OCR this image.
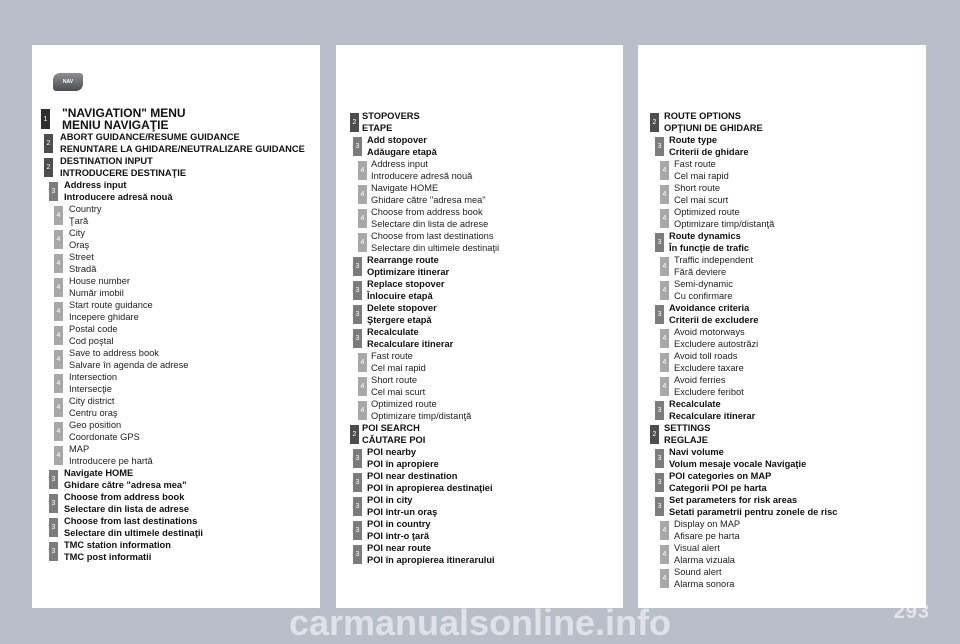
NAV
1 "NAVIGATION" MENU
MENIU NAVIGAŢIE
2
ABORT GUIDANCE/RESUME GUIDANCE
RENUNTARE LA GHIDARE/NEUTRALIZARE GUIDANCE
2
DESTINATION INPUT
INTRODUCERE DESTINAŢIE
3
Address input
Introducere adresă nouă
4
Country
Ţară
4
City
Oraş
4
Street
Stradă
4
House number
Număr imobil
4
Start route guidance
Incepere ghidare
4
Postal code
Cod poştal
4
Save to address book
Salvare în agenda de adrese
4
Intersection
Intersecţie
4
City district
Centru oraş
4
Geo position
Coordonate GPS
4
MAP
Introducere pe hartă
3
Navigate HOME
Ghidare către "adresa mea"
3
Choose from address book
Selectare din lista de adrese
3
Choose from last destinations
Selectare din ultimele destinaţii
3
TMC station information
TMC post informatii
2
STOPOVERS
ETAPE
3
Add stopover
Adăugare etapă
4
Address input
Introducere adresă nouă
4
Navigate HOME
Ghidare către "adresa mea"
4
Choose from address book
Selectare din lista de adrese
4
Choose from last destinations
Selectare din ultimele destinaţii
3
Rearrange route
Optimizare itinerar
3
Replace stopover
Înlocuire etapă
3
Delete stopover
Ştergere etapă
3
Recalculate
Recalculare itinerar
4
Fast route
Cel mai rapid
4
Short route
Cel mai scurt
4
Optimized route
Optimizare timp/distanţă
2
POI SEARCH
CĂUTARE POI
3
POI nearby
POI în apropiere
3
POI near destination
POI în apropierea destinaţiei
3
POI in city
POI intr-un oraş
3
POI in country
POI intr-o ţară
3
POI near route
POI în apropierea itinerarului
2
ROUTE OPTIONS
OPŢIUNI DE GHIDARE
3
Route type
Criterii de ghidare
4
Fast route
Cel mai rapid
4
Short route
Cel mai scurt
4
Optimized route
Optimizare timp/distanţă
3
Route dynamics
În funcţie de trafic
4
Traffic independent
Fără deviere
4
Semi-dynamic
Cu confirmare
3
Avoidance criteria
Criterii de excludere
4
Avoid motorways
Excludere autostrăzi
4
Avoid toll roads
Excludere taxare
4
Avoid ferries
Excludere feribot
3
Recalculate
Recalculare itinerar
2
SETTINGS
REGLAJE
3
Navi volume
Volum mesaje vocale Navigaţie
3
POI categories on MAP
Categorii POI pe harta
3
Set parameters for risk areas
Setati parametrii pentru zonele de risc
4
Display on MAP
Afisare pe harta
4
Visual alert
Alarma vizuala
4
Sound alert
Alarma sonora
293
carmanualsonline.info
